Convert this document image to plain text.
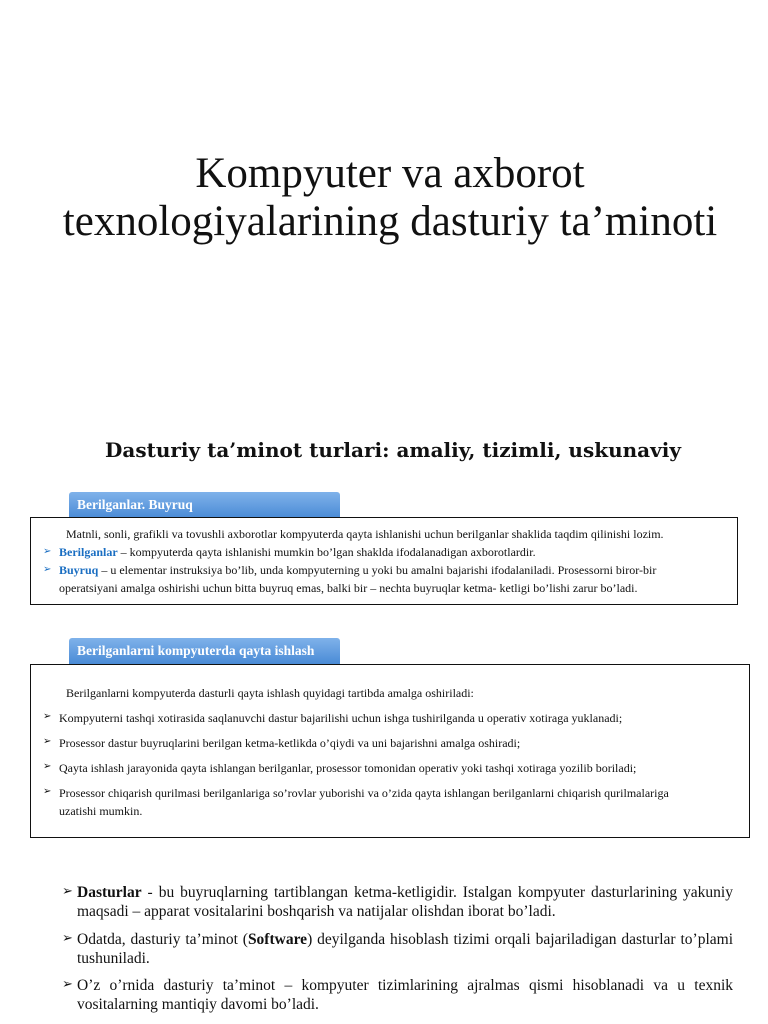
Kompyuter va axborot
texnologiyalarining dasturiy ta’minoti
Dasturiy ta’minot turlari: amaliy, tizimli, uskunaviy
Berilganlar. Buyruq
Matnli, sonli, grafikli va tovushli axborotlar kompyuterda qayta ishlanishi uchun berilganlar shaklida taqdim qilinishi lozim.
➢ Berilganlar – kompyuterda qayta ishlanishi mumkin bo’lgan shaklda ifodalanadigan axborotlardir.
➢ Buyruq – u elementar instruksiya bo’lib, unda kompyuterning u yoki bu amalni bajarishi ifodalaniladi. Prosessorni biror-bir
operatsiyani amalga oshirishi uchun bitta buyruq emas, balki bir – nechta buyruqlar ketma- ketligi bo’lishi zarur bo’ladi.
Berilganlarni kompyuterda qayta ishlash
Berilganlarni kompyuterda dasturli qayta ishlash quyidagi tartibda amalga oshiriladi:
➢ Kompyuterni tashqi xotirasida saqlanuvchi dastur bajarilishi uchun ishga tushirilganda u operativ xotiraga yuklanadi;
➢ Prosessor dastur buyruqlarini berilgan ketma-ketlikda o’qiydi va uni bajarishni amalga oshiradi;
➢ Qayta ishlash jarayonida qayta ishlangan berilganlar, prosessor tomonidan operativ yoki tashqi xotiraga yozilib boriladi;
➢ Prosessor chiqarish qurilmasi berilganlariga so’rovlar yuborishi va o’zida qayta ishlangan berilganlarni chiqarish qurilmalariga
uzatishi mumkin.
➢ Dasturlar - bu buyruqlarning tartiblangan ketma-ketligidir. Istalgan kompyuter dasturlarining yakuniy maqsadi – apparat vositalarini boshqarish va natijalar olishdan iborat bo’ladi.
➢ Odatda, dasturiy ta’minot (Software) deyilganda hisoblash tizimi orqali bajariladigan dasturlar to’plami tushuniladi.
➢ O’z o’rnida dasturiy ta’minot – kompyuter tizimlarining ajralmas qismi hisoblanadi va u texnik vositalarning mantiqiy davomi bo’ladi.
